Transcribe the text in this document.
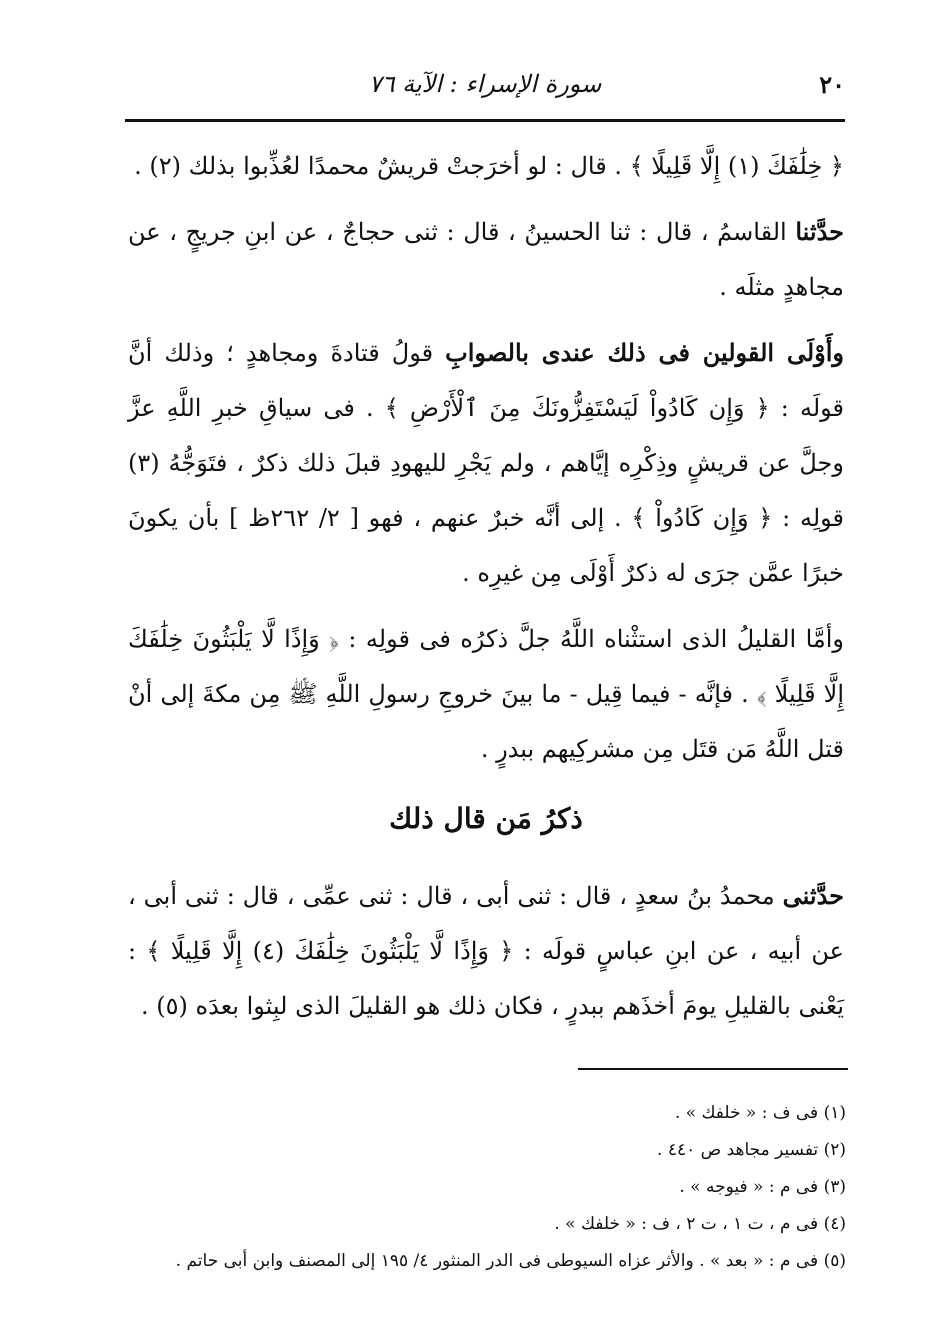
٢٠
سورة الإسراء : الآية ٧٦

﴿ خِلَٰفَكَ (١) إِلَّا قَلِيلًا ﴾ . قال : لو أخرَجتْ قريشٌ محمدًا لعُذِّبوا بذلك (٢) .

حدَّثنا القاسمُ ، قال : ثنا الحسينُ ، قال : ثنى حجاجٌ ، عن ابنِ جريجٍ ، عن مجاهدٍ مثلَه .

وأَوْلَى القولين فى ذلك عندى بالصوابِ قولُ قتادةَ ومجاهدٍ ؛ وذلك أنَّ قولَه : ﴿ وَإِن كَادُواْ لَيَسْتَفِزُّونَكَ مِنَ ٱلْأَرْضِ ﴾ . فى سياقِ خبرِ اللَّهِ عزَّ وجلَّ عن قريشٍ وذِكْرِه إيَّاهم ، ولم يَجْرِ لليهودِ قبلَ ذلك ذكرٌ ، فتَوَجُّهُ (٣) قولِه : ﴿ وَإِن كَادُواْ ﴾ . إلى أنَّه خبرٌ عنهم ، فهو [ ٢/ ٢٦٢ظ ] بأن يكونَ خبرًا عمَّن جرَى له ذكرٌ أَوْلَى مِن غيرِه .

وأمَّا القليلُ الذى استثْناه اللَّهُ جلَّ ذكرُه فى قولِه : ﴿ وَإِذًا لَّا يَلْبَثُونَ خِلَٰفَكَ إِلَّا قَلِيلًا ﴾ . فإنَّه - فيما قِيل - ما بينَ خروجِ رسولِ اللَّهِ ﷺ مِن مكةَ إلى أنْ قتل اللَّهُ مَن قتَل مِن مشركِيهم ببدرٍ .

ذكرُ مَن قال ذلك

حدَّثنى محمدُ بنُ سعدٍ ، قال : ثنى أبى ، قال : ثنى عمِّى ، قال : ثنى أبى ، عن أبيه ، عن ابنِ عباسٍ قولَه : ﴿ وَإِذًا لَّا يَلْبَثُونَ خِلَٰفَكَ (٤) إِلَّا قَلِيلًا ﴾ : يَعْنى بالقليلِ يومَ أخذَهم ببدرٍ ، فكان ذلك هو القليلَ الذى لبِثوا بعدَه (٥) .

(١) فى ف : « خلفك » .
(٢) تفسير مجاهد ص ٤٤٠ .
(٣) فى م : « فيوجه » .
(٤) فى م ، ت ١ ، ت ٢ ، ف : « خلفك » .
(٥) فى م : « بعد » . والأثر عزاه السيوطى فى الدر المنثور ٤/ ١٩٥ إلى المصنف وابن أبى حاتم .
